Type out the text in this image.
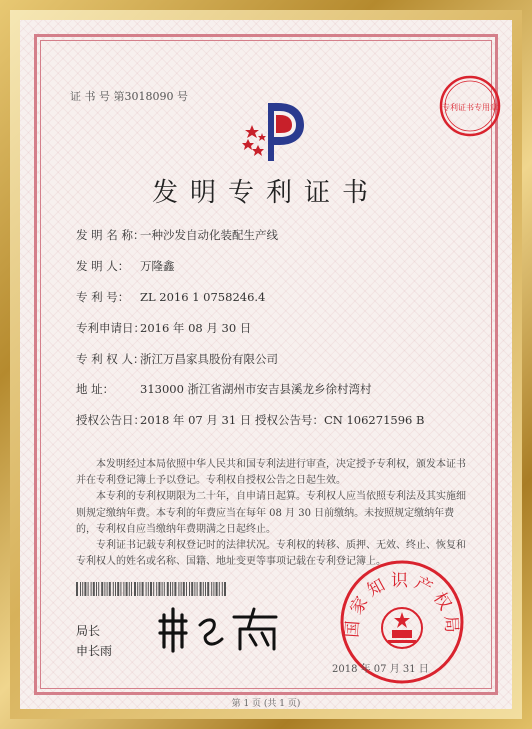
证 书 号 第3018090 号
专利证书专用章
发明专利证书
发 明 名 称：一种沙发自动化装配生产线
发 明 人： 万隆鑫
专 利 号： ZL 2016 1 0758246.4
专利申请日：2016 年 08 月 30 日
专 利 权 人：浙江万昌家具股份有限公司
地 址： 313000 浙江省湖州市安吉县溪龙乡徐村湾村
授权公告日：2018 年 07 月 31 日 授权公告号：CN 106271596 B

本发明经过本局依照中华人民共和国专利法进行审查，决定授予专利权，颁发本证书并在专利登记簿上予以登记。专利权自授权公告之日起生效。

本专利的专利权期限为二十年，自申请日起算。专利权人应当依照专利法及其实施细则规定缴纳年费。本专利的年费应当在每年 08 月 30 日前缴纳。未按照规定缴纳年费的，专利权自应当缴纳年费期满之日起终止。

专利证书记载专利权登记时的法律状况。专利权的转移、质押、无效、终止、恢复和专利权人的姓名或名称、国籍、地址变更等事项记载在专利登记簿上。

局长
申长雨
国家知识产权局
2018 年 07 月 31 日
第 1 页 (共 1 页)
